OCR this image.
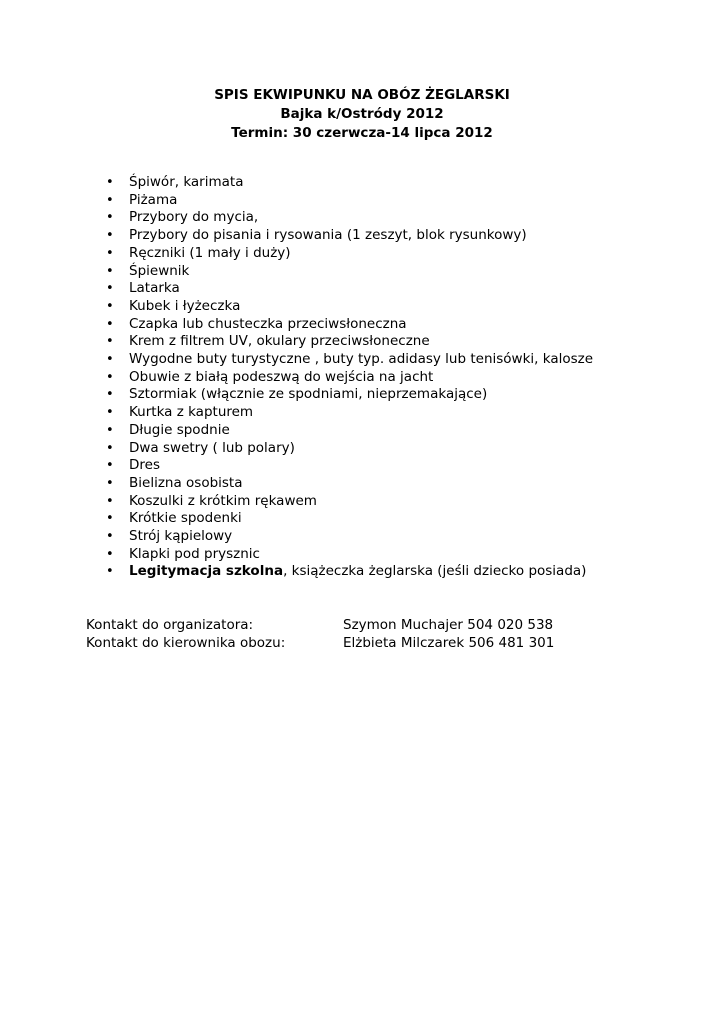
SPIS EKWIPUNKU NA OBÓZ ŻEGLARSKI
Bajka k/Ostródy 2012
Termin: 30 czerwcza-14 lipca 2012
• Śpiwór, karimata
• Piżama
• Przybory do mycia,
• Przybory do pisania i rysowania (1 zeszyt, blok rysunkowy)
• Ręczniki (1 mały i duży)
• Śpiewnik
• Latarka
• Kubek i łyżeczka
• Czapka lub chusteczka przeciwsłoneczna
• Krem z filtrem UV, okulary przeciwsłoneczne
• Wygodne buty turystyczne , buty typ. adidasy lub tenisówki, kalosze
• Obuwie z białą podeszwą do wejścia na jacht
• Sztormiak (włącznie ze spodniami, nieprzemakające)
• Kurtka z kapturem
• Długie spodnie
• Dwa swetry ( lub polary)
• Dres
• Bielizna osobista
• Koszulki z krótkim rękawem
• Krótkie spodenki
• Strój kąpielowy
• Klapki pod prysznic
• Legitymacja szkolna, książeczka żeglarska (jeśli dziecko posiada)
Kontakt do organizatora:	Szymon Muchajer 504 020 538
Kontakt do kierownika obozu:	Elżbieta Milczarek 506 481 301
